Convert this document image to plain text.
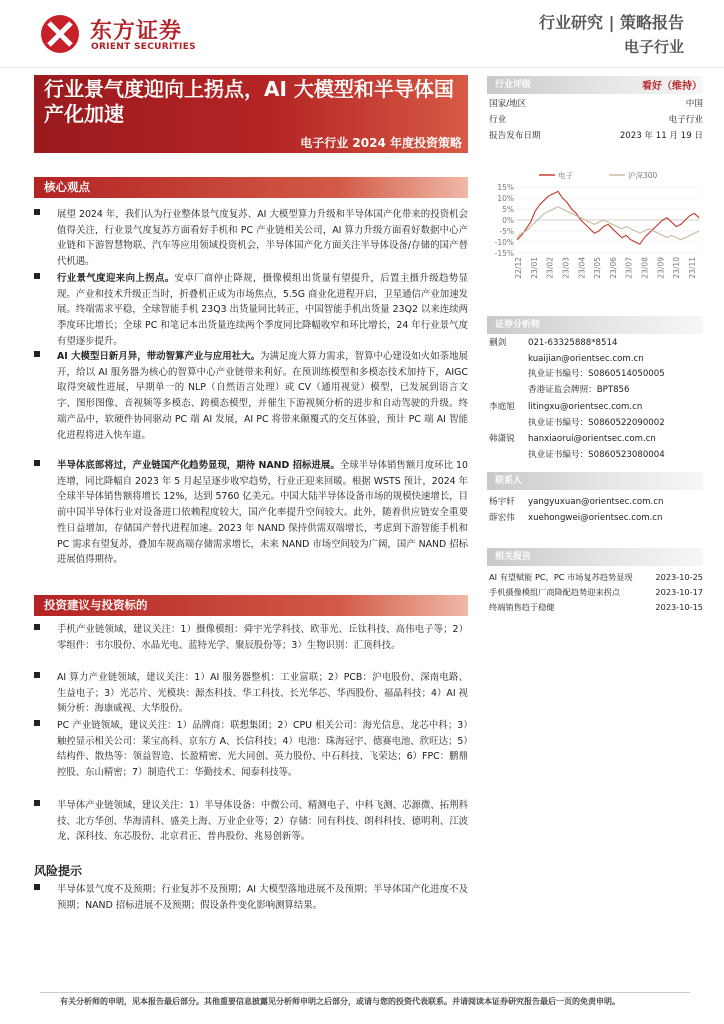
东方证券
ORIENT SECURITIES
行业研究 | 策略报告
电子行业
行业景气度迎向上拐点，AI 大模型和半导体国产化加速
电子行业 2024 年度投资策略
核心观点
展望 2024 年，我们认为行业整体景气度复苏、AI 大模型算力升级和半导体国产化带来的投资机会值得关注，行业景气度复苏方面看好手机和 PC 产业链相关公司，AI 算力升级方面看好数据中心产业链和下游智慧物联、汽车等应用领域投资机会，半导体国产化方面关注半导体设备/存储的国产替代机遇。
行业景气度迎来向上拐点。安卓厂商停止降规，摄像模组出货量有望提升，后置主摄升级趋势显现。产业和技术升级正当时，折叠机正成为市场焦点，5.5G 商业化进程开启，卫星通信产业加速发展。终端需求平稳，全球智能手机 23Q3 出货量同比转正，中国智能手机出货量 23Q2 以来连续两季度环比增长；全球 PC 和笔记本出货量连续两个季度同比降幅收窄和环比增长，24 年行业景气度有望逐步提升。
AI 大模型日新月异，带动智算产业与应用社大。为满足庞大算力需求，智算中心建设如火如荼地展开，给以 AI 服务器为核心的智算中心产业链带来利好。在预训练模型和多模态技术加持下，AIGC 取得突破性进展，早期单一的 NLP（自然语言处理）或 CV（通用视觉）模型，已发展到语言文字、图形图像、音视频等多模态、跨模态模型，并催生下游视频分析的进步和自动驾驶的升级。终端产品中，软硬件协同驱动 PC 端 AI 发展，AI PC 将带来颠覆式的交互体验，预计 PC 端 AI 智能化进程将进入快车道。
半导体底部将过，产业链国产化趋势显现，期待 NAND 招标进展。全球半导体销售额月度环比 10 连增，同比降幅自 2023 年 5 月起呈逐步收窄趋势，行业正迎来回暖。根据 WSTS 预计，2024 年全球半导体销售额将增长 12%，达到 5760 亿美元。中国大陆半导体设备市场的规模快速增长，目前中国半导体行业对设备进口依赖程度较大，国产化率提升空间较大。此外，随着供应链安全重要性日益增加，存储国产替代进程加速。2023 年 NAND 保持供需双端增长，考虑到下游智能手机和 PC 需求有望复苏，叠加车规高端存储需求增长，未来 NAND 市场空间较为广阔，国产 NAND 招标进展值得期待。
投资建议与投资标的
手机产业链领域，建议关注：1）摄像模组：舜宇光学科技、欧菲光、丘钛科技、高伟电子等；2）零组件：韦尔股份、水晶光电、蓝特光学、聚辰股份等；3）生物识别：汇顶科技。
AI 算力产业链领域，建议关注：1）AI 服务器整机：工业富联；2）PCB：沪电股份、深南电路、生益电子；3）光芯片、光模块：源杰科技、华工科技、长光华芯、华西股份、福晶科技；4）AI 视频分析：海康威视、大华股份。
PC 产业链领域，建议关注：1）品牌商：联想集团；2）CPU 相关公司：海光信息、龙芯中科；3）触控显示相关公司：莱宝高科、京东方 A、长信科技；4）电池：珠海冠宇、德赛电池、欣旺达；5）结构件、散热等：领益智造、长盈精密、光大同创、英力股份、中石科技、飞荣达；6）FPC：鹏鼎控股、东山精密；7）制造代工：华勤技术、闻泰科技等。
半导体产业链领域，建议关注：1）半导体设备：中微公司、精测电子、中科飞测、芯源微、拓荆科技、北方华创、华海清科、盛美上海、万业企业等；2）存储：同有科技、朗科科技、德明利、江波龙、深科技、东芯股份、北京君正、普冉股份、兆易创新等。
风险提示
半导体景气度不及预期；行业复苏不及预期；AI 大模型落地进展不及预期；半导体国产化进度不及预期；NAND 招标进展不及预期；假设条件变化影响测算结果。
行业评级	看好（维持）
国家/地区	中国
行业	电子行业
报告发布日期	2023 年 11 月 19 日
15%
10%
5%
0%
-5%
-10%
-15%
22/12 23/01 23/02 23/03 23/04 23/05 23/06 23/07 23/08 23/09 23/10 23/11
电子	沪深300
证券分析师
蒯剑	021-63325888*8514
kuaijian@orientsec.com.cn
执业证书编号：S0860514050005
香港证监会牌照：BPT856
李庭旭 litingxu@orientsec.com.cn
执业证书编号：S0860522090002
韩潇锐 hanxiaorui@orientsec.com.cn
执业证书编号：S0860523080004
联系人
杨宇轩 yangyuxuan@orientsec.com.cn
薛宏伟 xuehongwei@orientsec.com.cn
相关报告
AI 有望赋能 PC，PC 市场复苏趋势显现	2023-10-25
手机摄像模组厂商降配趋势迎来拐点	2023-10-17
终端销售趋于稳健	2023-10-15
有关分析师的申明，见本报告最后部分。其他重要信息披露见分析师申明之后部分，或请与您的投资代表联系。并请阅读本证券研究报告最后一页的免责申明。
